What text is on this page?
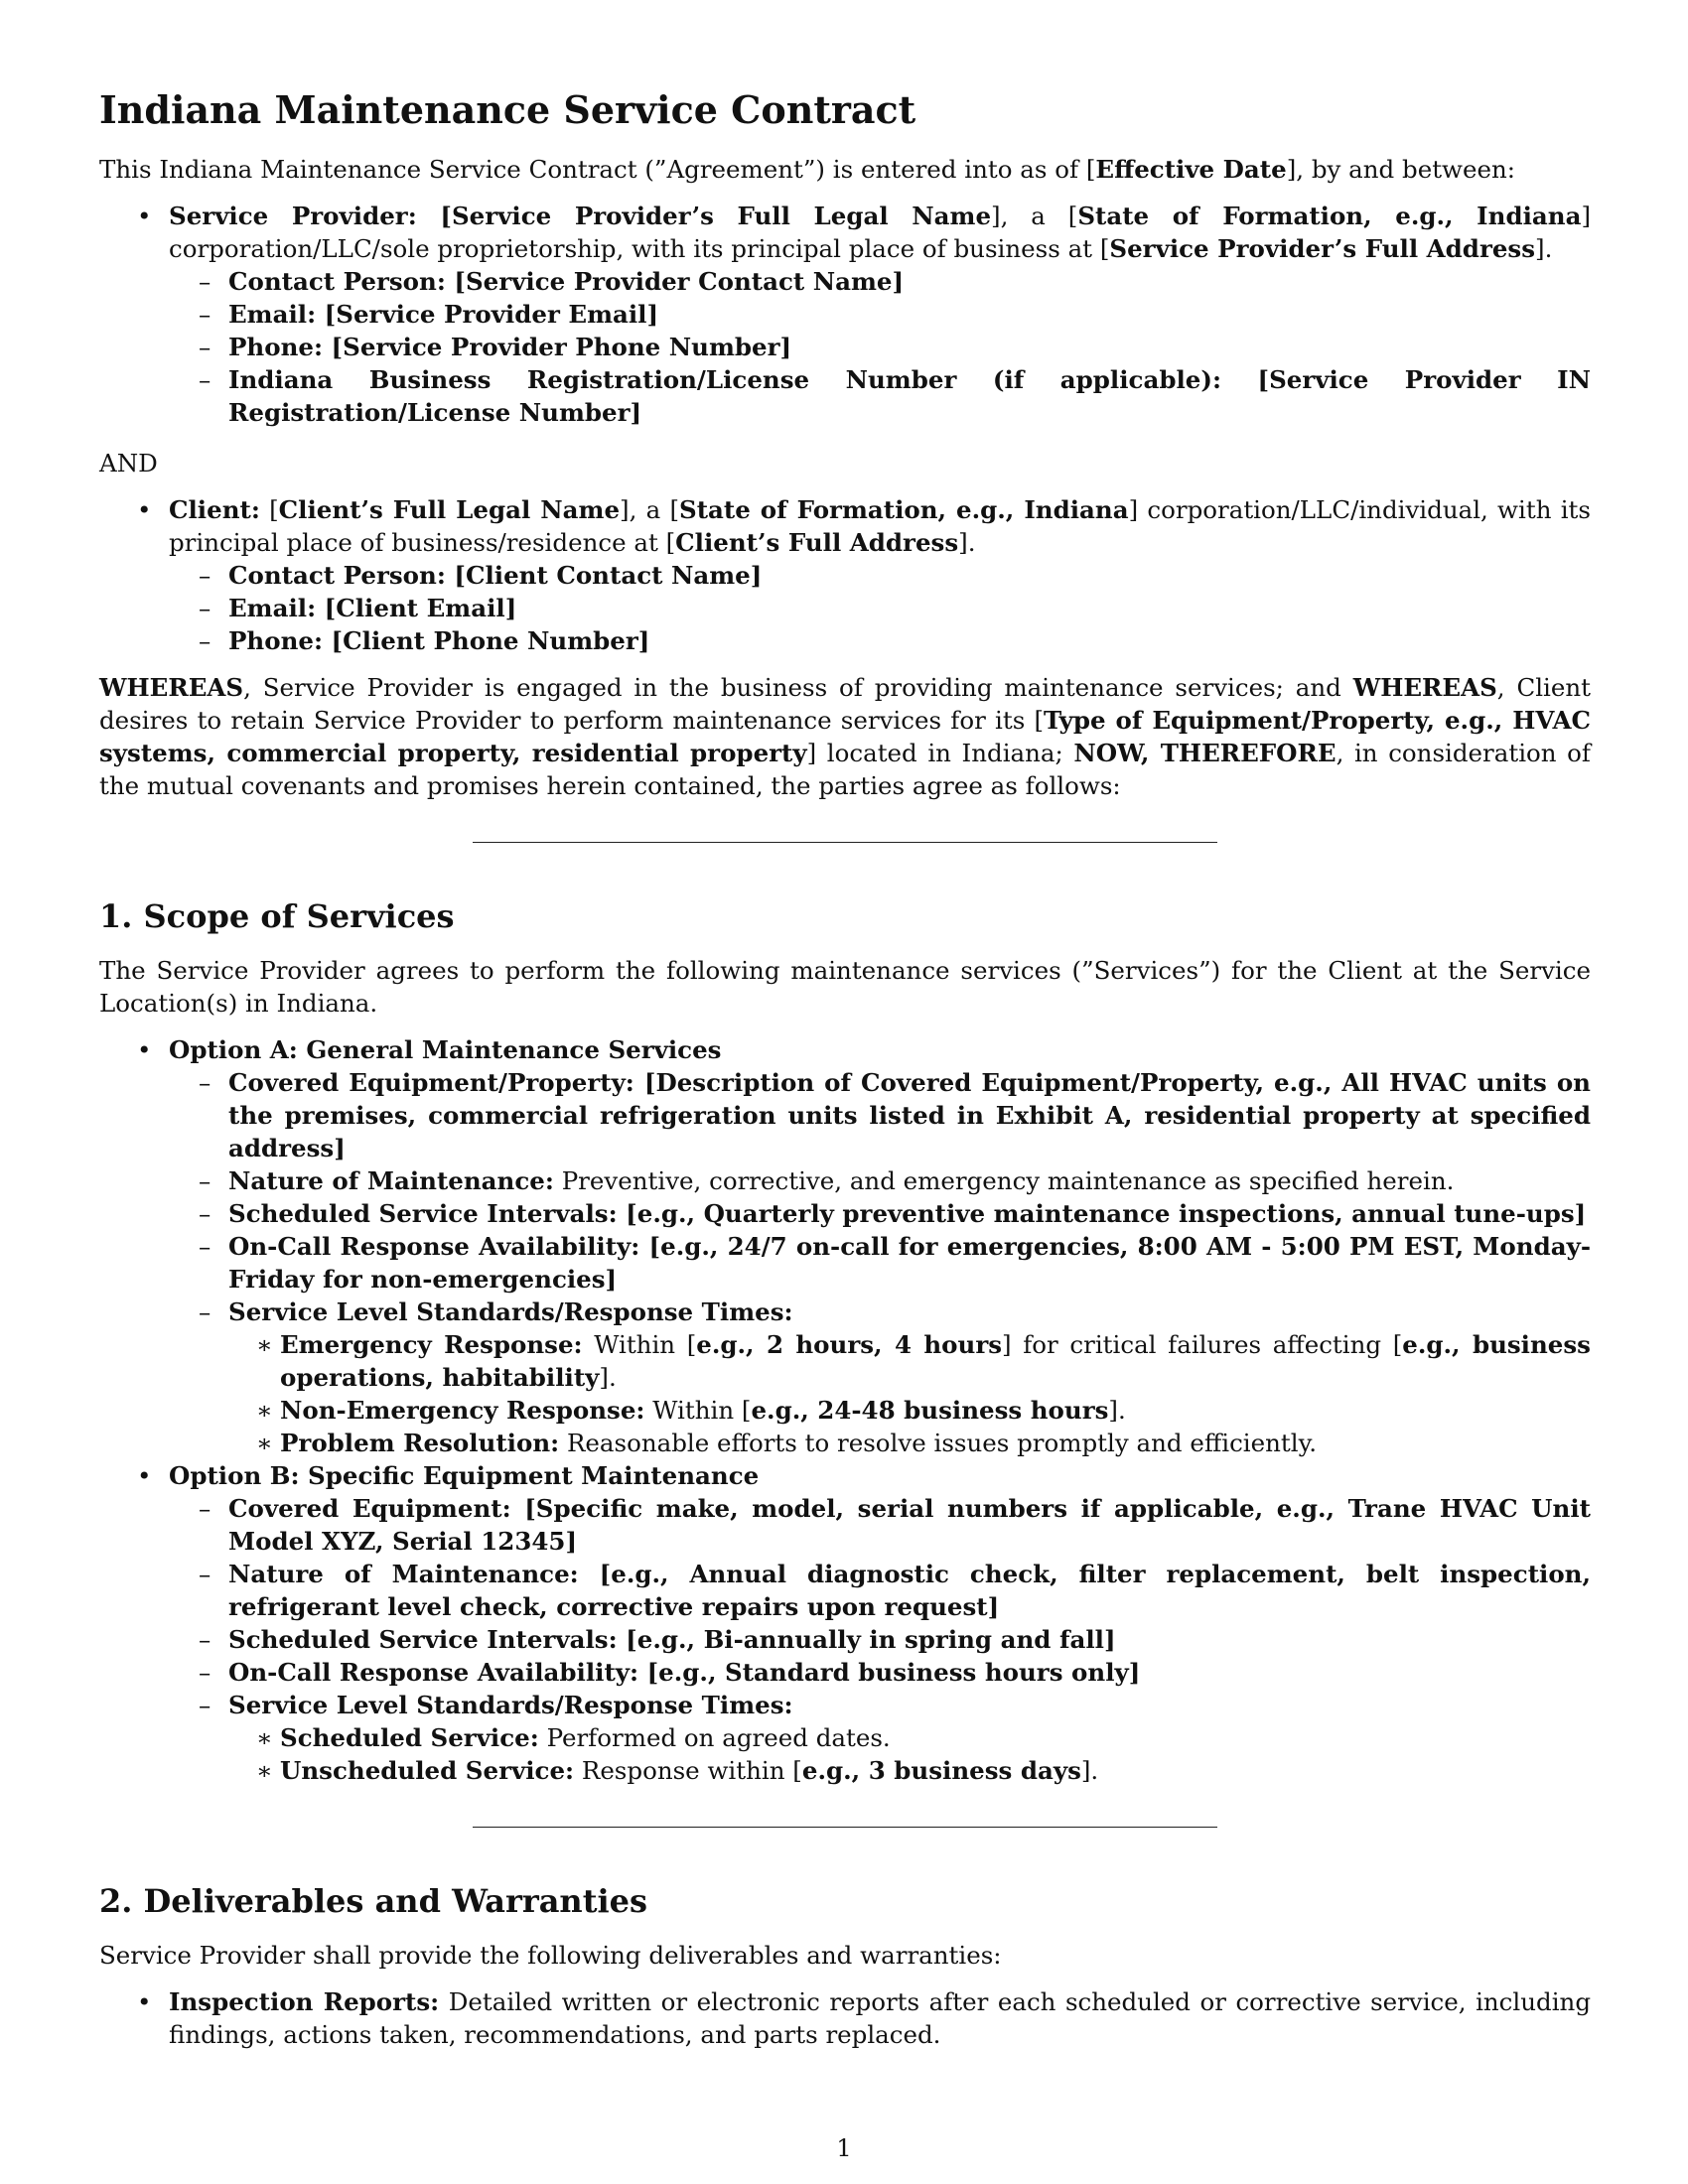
Indiana Maintenance Service Contract

This Indiana Maintenance Service Contract (”Agreement”) is entered into as of [Effective Date], by and between:

• Service Provider: [Service Provider’s Full Legal Name], a [State of Formation, e.g., Indiana] corporation/LLC/sole proprietorship, with its principal place of business at [Service Provider’s Full Address].
– Contact Person: [Service Provider Contact Name]
– Email: [Service Provider Email]
– Phone: [Service Provider Phone Number]
– Indiana Business Registration/License Number (if applicable): [Service Provider IN Registration/License Number]

AND

• Client: [Client’s Full Legal Name], a [State of Formation, e.g., Indiana] corporation/LLC/individual, with its principal place of business/residence at [Client’s Full Address].
– Contact Person: [Client Contact Name]
– Email: [Client Email]
– Phone: [Client Phone Number]

WHEREAS, Service Provider is engaged in the business of providing maintenance services; and WHEREAS, Client desires to retain Service Provider to perform maintenance services for its [Type of Equipment/Property, e.g., HVAC systems, commercial property, residential property] located in Indiana; NOW, THEREFORE, in consideration of the mutual covenants and promises herein contained, the parties agree as follows:

1. Scope of Services

The Service Provider agrees to perform the following maintenance services (”Services”) for the Client at the Service Location(s) in Indiana.

• Option A: General Maintenance Services
– Covered Equipment/Property: [Description of Covered Equipment/Property, e.g., All HVAC units on the premises, commercial refrigeration units listed in Exhibit A, residential property at specified address]
– Nature of Maintenance: Preventive, corrective, and emergency maintenance as specified herein.
– Scheduled Service Intervals: [e.g., Quarterly preventive maintenance inspections, annual tune-ups]
– On-Call Response Availability: [e.g., 24/7 on-call for emergencies, 8:00 AM - 5:00 PM EST, Monday-Friday for non-emergencies]
– Service Level Standards/Response Times:
∗ Emergency Response: Within [e.g., 2 hours, 4 hours] for critical failures affecting [e.g., business operations, habitability].
∗ Non-Emergency Response: Within [e.g., 24-48 business hours].
∗ Problem Resolution: Reasonable efforts to resolve issues promptly and efficiently.
• Option B: Specific Equipment Maintenance
– Covered Equipment: [Specific make, model, serial numbers if applicable, e.g., Trane HVAC Unit Model XYZ, Serial 12345]
– Nature of Maintenance: [e.g., Annual diagnostic check, filter replacement, belt inspection, refrigerant level check, corrective repairs upon request]
– Scheduled Service Intervals: [e.g., Bi-annually in spring and fall]
– On-Call Response Availability: [e.g., Standard business hours only]
– Service Level Standards/Response Times:
∗ Scheduled Service: Performed on agreed dates.
∗ Unscheduled Service: Response within [e.g., 3 business days].
2. Deliverables and Warranties

Service Provider shall provide the following deliverables and warranties:

• Inspection Reports: Detailed written or electronic reports after each scheduled or corrective service, including findings, actions taken, recommendations, and parts replaced.
1
